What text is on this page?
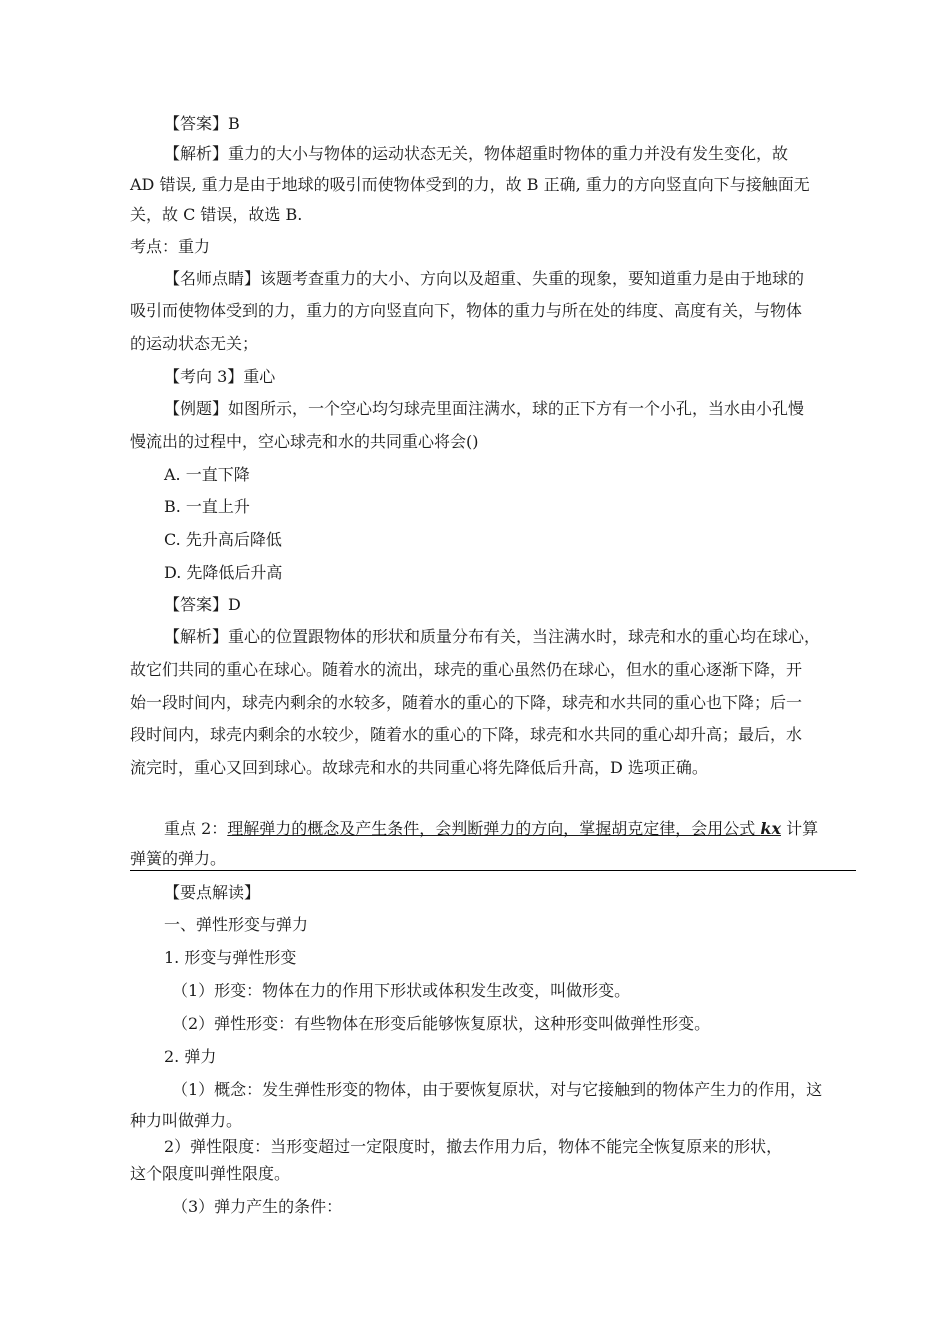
【答案】B
【解析】重力的大小与物体的运动状态无关，物体超重时物体的重力并没有发生变化，故
AD 错误, 重力是由于地球的吸引而使物体受到的力，故 B 正确, 重力的方向竖直向下与接触面无
关，故 C 错误，故选 B.
考点：重力
【名师点睛】该题考查重力的大小、方向以及超重、失重的现象，要知道重力是由于地球的
吸引而使物体受到的力，重力的方向竖直向下，物体的重力与所在处的纬度、高度有关，与物体
的运动状态无关；
【考向 3】重心
【例题】如图所示，一个空心均匀球壳里面注满水，球的正下方有一个小孔，当水由小孔慢
慢流出的过程中，空心球壳和水的共同重心将会()
A. 一直下降
B. 一直上升
C. 先升高后降低
D. 先降低后升高
【答案】D
【解析】重心的位置跟物体的形状和质量分布有关，当注满水时，球壳和水的重心均在球心，
故它们共同的重心在球心。随着水的流出，球壳的重心虽然仍在球心，但水的重心逐渐下降，开
始一段时间内，球壳内剩余的水较多，随着水的重心的下降，球壳和水共同的重心也下降；后一
段时间内，球壳内剩余的水较少，随着水的重心的下降，球壳和水共同的重心却升高；最后，水
流完时，重心又回到球心。故球壳和水的共同重心将先降低后升高，D 选项正确。
重点 2：理解弹力的概念及产生条件，会判断弹力的方向，掌握胡克定律，会用公式 kx 计算
弹簧的弹力。
【要点解读】
一、弹性形变与弹力
1. 形变与弹性形变
（1）形变：物体在力的作用下形状或体积发生改变，叫做形变。
（2）弹性形变：有些物体在形变后能够恢复原状，这种形变叫做弹性形变。
2. 弹力
（1）概念：发生弹性形变的物体，由于要恢复原状，对与它接触到的物体产生力的作用，这
种力叫做弹力。
2）弹性限度：当形变超过一定限度时，撤去作用力后，物体不能完全恢复原来的形状，
这个限度叫弹性限度。
（3）弹力产生的条件：
